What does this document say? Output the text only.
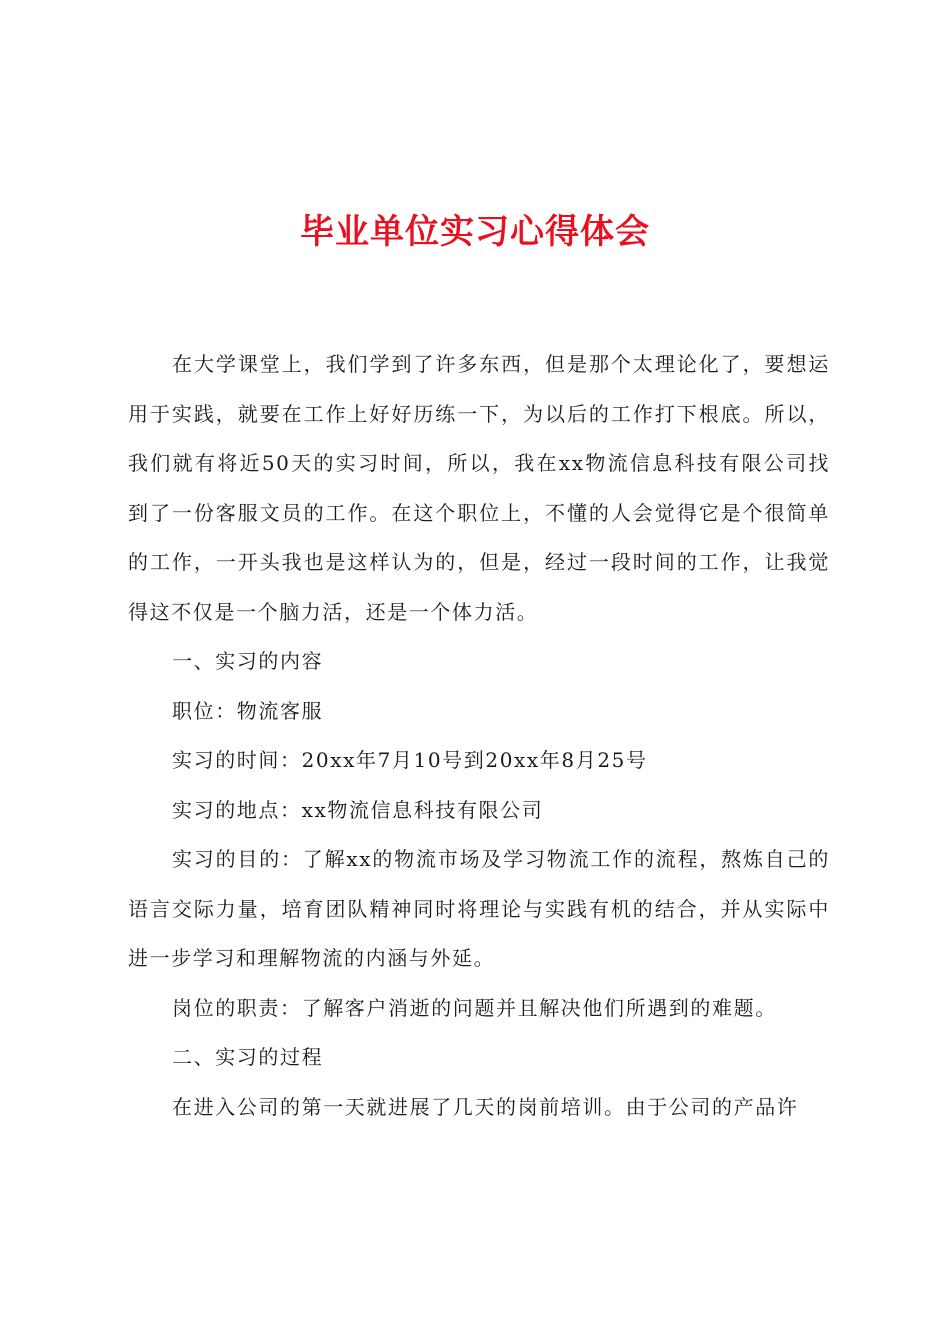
毕业单位实习心得体会

在大学课堂上，我们学到了许多东西，但是那个太理论化了，要想运用于实践，就要在工作上好好历练一下，为以后的工作打下根底。所以，我们就有将近50天的实习时间，所以，我在xx物流信息科技有限公司找到了一份客服文员的工作。在这个职位上，不懂的人会觉得它是个很简单的工作，一开头我也是这样认为的，但是，经过一段时间的工作，让我觉得这不仅是一个脑力活，还是一个体力活。

一、实习的内容

职位：物流客服

实习的时间：20xx年7月10号到20xx年8月25号

实习的地点：xx物流信息科技有限公司

实习的目的：了解xx的物流市场及学习物流工作的流程，熬炼自己的语言交际力量，培育团队精神同时将理论与实践有机的结合，并从实际中进一步学习和理解物流的内涵与外延。

岗位的职责：了解客户消逝的问题并且解决他们所遇到的难题。

二、实习的过程

在进入公司的第一天就进展了几天的岗前培训。由于公司的产品许
